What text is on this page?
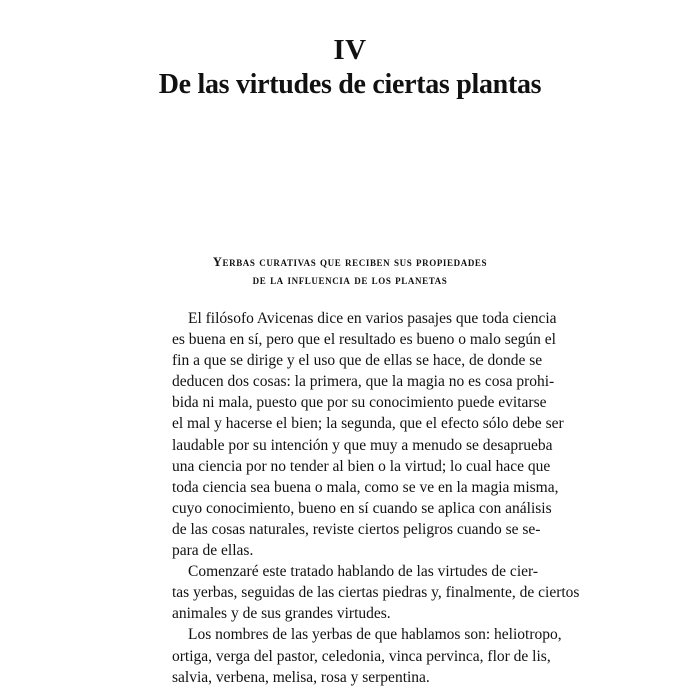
IV
De las virtudes de ciertas plantas
Yerbas curativas que reciben sus propiedades
de la influencia de los planetas

El filósofo Avicenas dice en varios pasajes que toda ciencia
es buena en sí, pero que el resultado es bueno o malo según el
fin a que se dirige y el uso que de ellas se hace, de donde se
deducen dos cosas: la primera, que la magia no es cosa prohi-
bida ni mala, puesto que por su conocimiento puede evitarse
el mal y hacerse el bien; la segunda, que el efecto sólo debe ser
laudable por su intención y que muy a menudo se desaprueba
una ciencia por no tender al bien o la virtud; lo cual hace que
toda ciencia sea buena o mala, como se ve en la magia misma,
cuyo conocimiento, bueno en sí cuando se aplica con análisis
de las cosas naturales, reviste ciertos peligros cuando se se-
para de ellas.

Comenzaré este tratado hablando de las virtudes de cier-
tas yerbas, seguidas de las ciertas piedras y, finalmente, de ciertos
animales y de sus grandes virtudes.

Los nombres de las yerbas de que hablamos son: heliotropo,
ortiga, verga del pastor, celedonia, vinca pervinca, flor de lis,
salvia, verbena, melisa, rosa y serpentina.
